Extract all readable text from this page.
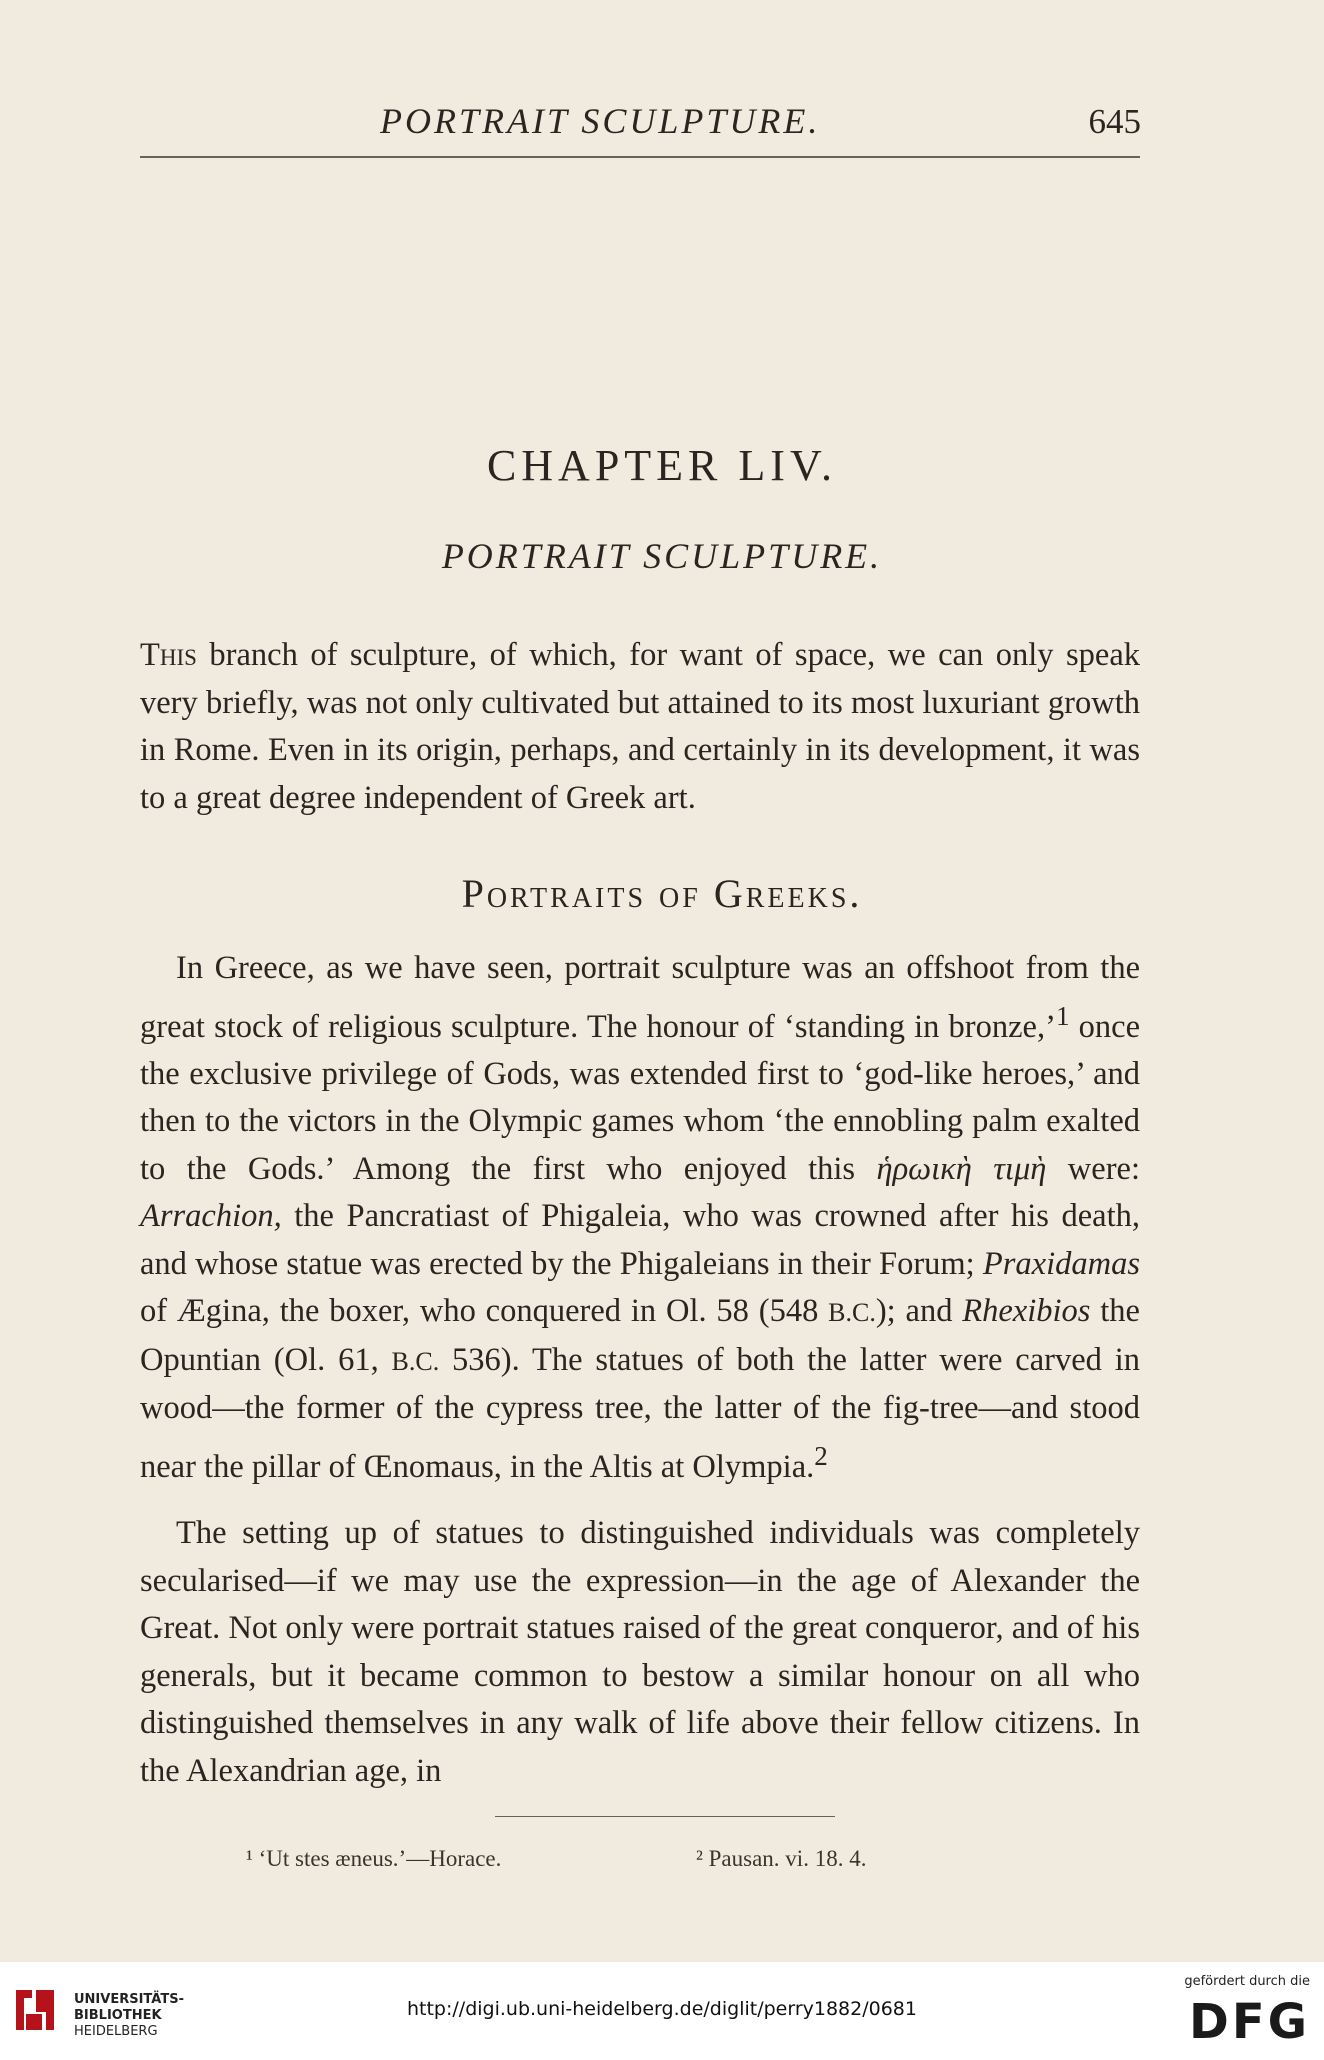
PORTRAIT SCULPTURE.	645
CHAPTER LIV.
PORTRAIT SCULPTURE.

This branch of sculpture, of which, for want of space, we can only speak very briefly, was not only cultivated but attained to its most luxuriant growth in Rome. Even in its origin, perhaps, and certainly in its development, it was to a great degree independent of Greek art.

Portraits of Greeks.

In Greece, as we have seen, portrait sculpture was an offshoot from the great stock of religious sculpture. The honour of ‘standing in bronze,’$^1$ once the exclusive privilege of Gods, was extended first to ‘god-like heroes,’ and then to the victors in the Olympic games whom ‘the ennobling palm exalted to the Gods.’ Among the first who enjoyed this ἡρωικὴ τιμὴ were: Arrachion, the Pancratiast of Phigaleia, who was crowned after his death, and whose statue was erected by the Phigaleians in their Forum; Praxidamas of Ægina, the boxer, who conquered in Ol. 58 (548 B.C.); and Rhexibios the Opuntian (Ol. 61, B.C. 536). The statues of both the latter were carved in wood—the former of the cypress tree, the latter of the fig-tree—and stood near the pillar of Œnomaus, in the Altis at Olympia.$^2$

The setting up of statues to distinguished individuals was completely secularised—if we may use the expression—in the age of Alexander the Great. Not only were portrait statues raised of the great conqueror, and of his generals, but it became common to bestow a similar honour on all who distinguished themselves in any walk of life above their fellow citizens. In the Alexandrian age, in

¹ ‘Ut stes æneus.’—Horace.	² Pausan. vi. 18. 4.
UNIVERSITÄTS-
BIBLIOTHEK
HEIDELBERG
http://digi.ub.uni-heidelberg.de/diglit/perry1882/0681
gefördert durch die
DFG
